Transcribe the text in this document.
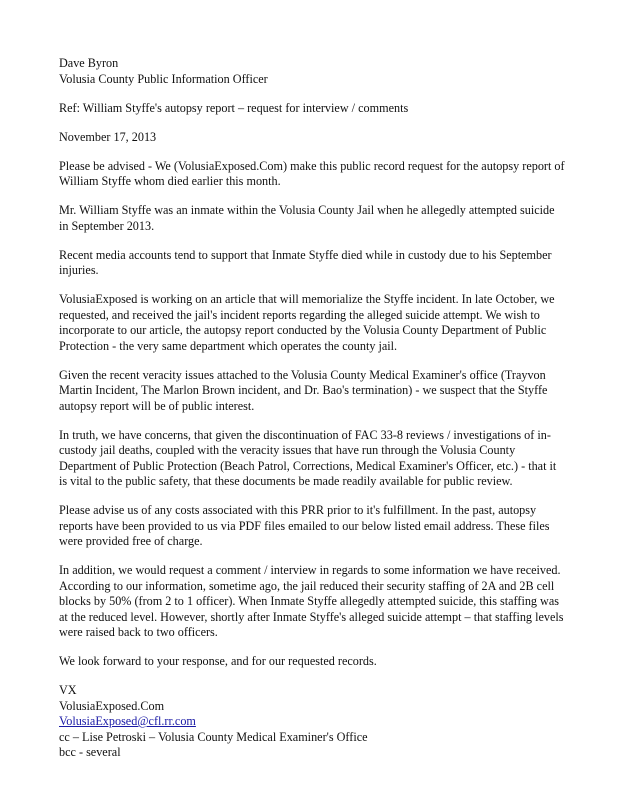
Dave Byron
Volusia County Public Information Officer
Ref: William Styffe's autopsy report – request for interview / comments
November 17, 2013
Please be advised - We (VolusiaExposed.Com) make this public record request for the autopsy report of
William Styffe whom died earlier this month.
Mr. William Styffe was an inmate within the Volusia County Jail when he allegedly attempted suicide
in September 2013.
Recent media accounts tend to support that Inmate Styffe died while in custody due to his September
injuries.
VolusiaExposed is working on an article that will memorialize the Styffe incident. In late October, we
requested, and received the jail's incident reports regarding the alleged suicide attempt. We wish to
incorporate to our article, the autopsy report conducted by the Volusia County Department of Public
Protection - the very same department which operates the county jail.
Given the recent veracity issues attached to the Volusia County Medical Examiner's office (Trayvon
Martin Incident, The Marlon Brown incident, and Dr. Bao's termination) - we suspect that the Styffe
autopsy report will be of public interest.
In truth, we have concerns, that given the discontinuation of FAC 33-8 reviews / investigations of in-
custody jail deaths, coupled with the veracity issues that have run through the Volusia County
Department of Public Protection (Beach Patrol, Corrections, Medical Examiner's Officer, etc.) - that it
is vital to the public safety, that these documents be made readily available for public review.
Please advise us of any costs associated with this PRR prior to it's fulfillment. In the past, autopsy
reports have been provided to us via PDF files emailed to our below listed email address. These files
were provided free of charge.
In addition, we would request a comment / interview in regards to some information we have received.
According to our information, sometime ago, the jail reduced their security staffing of 2A and 2B cell
blocks by 50% (from 2 to 1 officer). When Inmate Styffe allegedly attempted suicide, this staffing was
at the reduced level. However, shortly after Inmate Styffe's alleged suicide attempt – that staffing levels
were raised back to two officers.
We look forward to your response, and for our requested records.
VX
VolusiaExposed.Com
VolusiaExposed@cfl.rr.com
cc – Lise Petroski – Volusia County Medical Examiner's Office
bcc - several
